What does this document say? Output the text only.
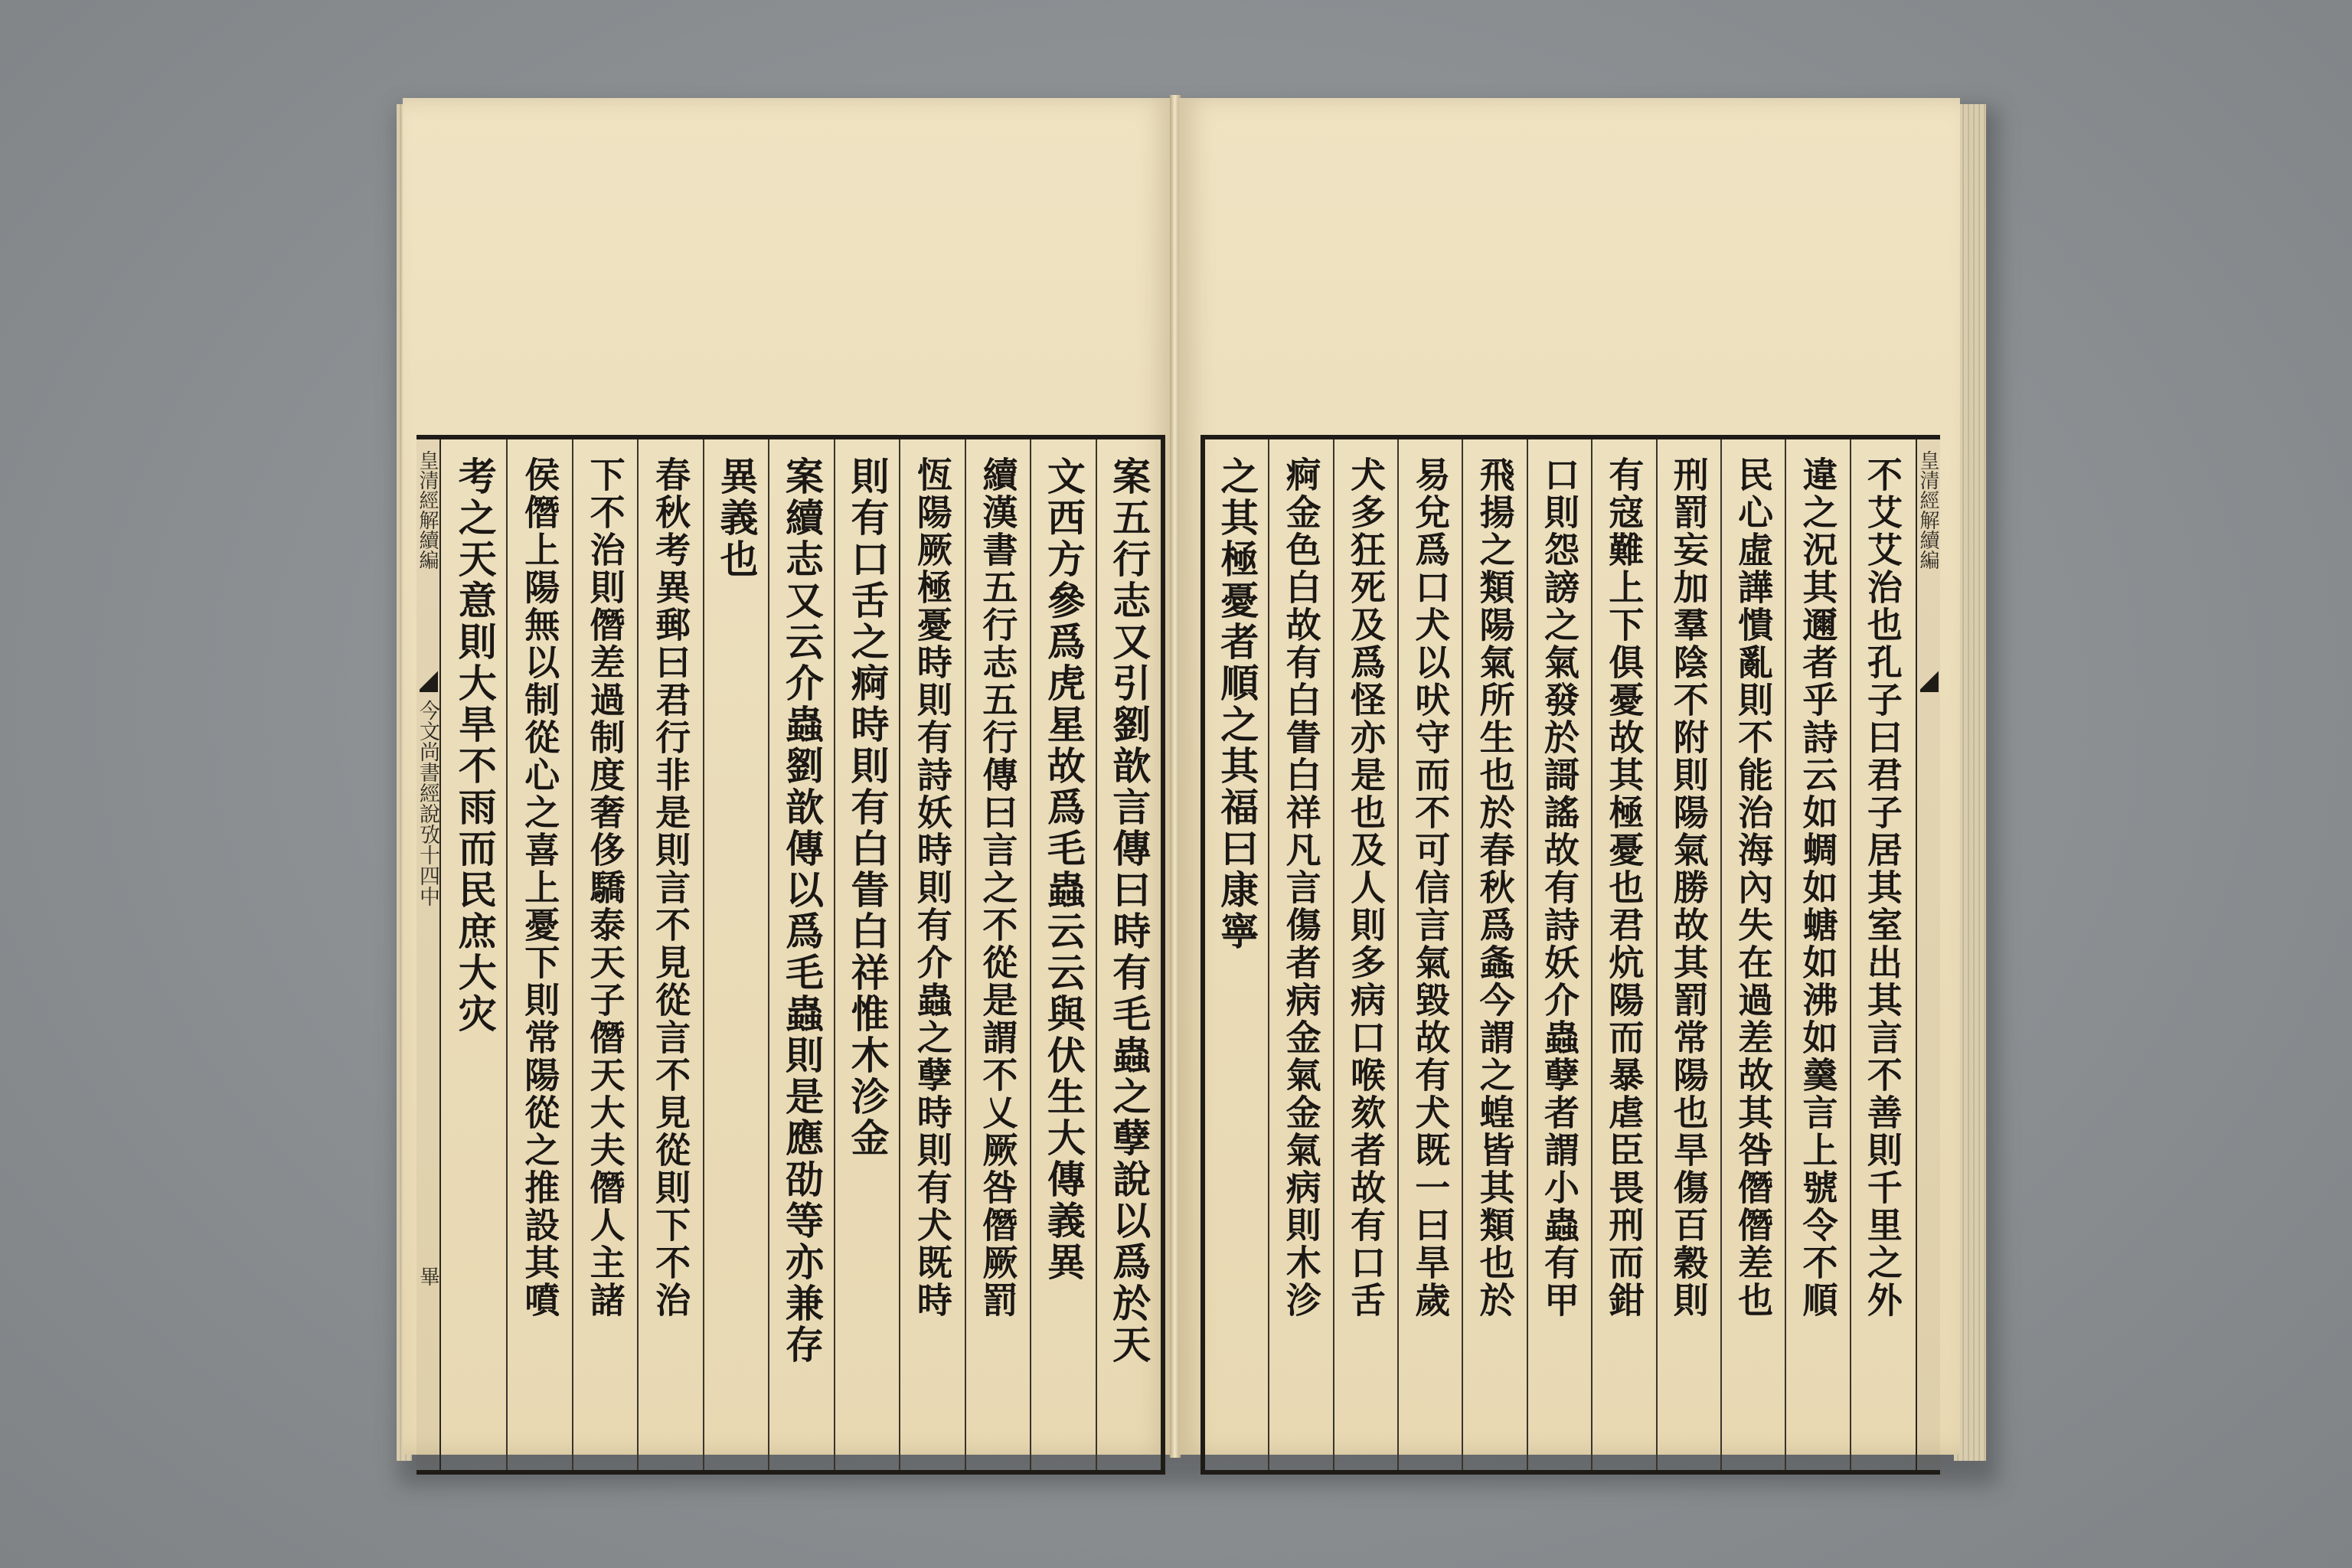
皇清經解續編
今文尚書經說攷十四中
畢	案五行志又引劉歆言傳曰時有毛蟲之孽說以爲於天
文西方參爲虎星故爲毛蟲云云與伏生大傳義異
續漢書五行志五行傳曰言之不從是謂不乂厥咎僭厥罰
恆陽厥極憂時則有詩妖時則有介蟲之孽時則有犬既時
則有口舌之痾時則有白眚白祥惟木沴金
案續志又云介蟲劉歆傳以爲毛蟲則是應劭等亦兼存
異義也
春秋考異郵曰君行非是則言不見從言不見從則下不治
下不治則僭差過制度奢侈驕泰天子僭天大夫僭人主諸
侯僭上陽無以制從心之喜上憂下則常陽從之推設其噴
考之天意則大旱不雨而民庶大灾	皇清經解續編
不艾艾治也孔子曰君子居其室出其言不善則千里之外
違之況其邇者乎詩云如蜩如螗如沸如羹言上號令不順
民心虛譁憒亂則不能治海內失在過差故其咎僭僭差也
刑罰妄加羣陰不附則陽氣勝故其罰常陽也旱傷百穀則
有寇難上下俱憂故其極憂也君炕陽而暴虐臣畏刑而鉗
口則怨謗之氣發於謌謠故有詩妖介蟲孽者謂小蟲有甲
飛揚之類陽氣所生也於春秋爲螽今謂之蝗皆其類也於
易兌爲口犬以吠守而不可信言氣毀故有犬既一曰旱歲
犬多狂死及爲怪亦是也及人則多病口喉欬者故有口舌
痾金色白故有白眚白祥凡言傷者病金氣金氣病則木沴
之其極憂者順之其福曰康寧
